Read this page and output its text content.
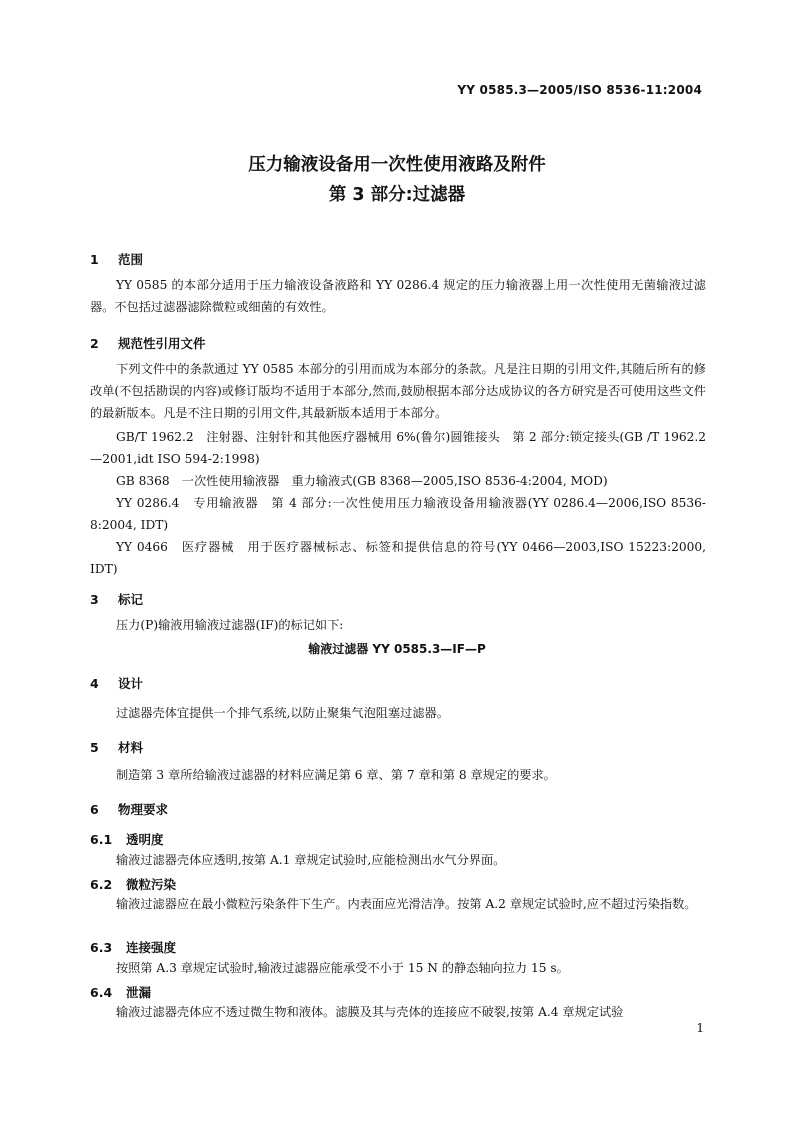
YY 0585.3—2005/ISO 8536-11:2004
压力输液设备用一次性使用液路及附件
第 3 部分:过滤器
1 范围
YY 0585 的本部分适用于压力输液设备液路和 YY 0286.4 规定的压力输液器上用一次性使用无菌输液过滤器。不包括过滤器滤除微粒或细菌的有效性。
2 规范性引用文件
下列文件中的条款通过 YY 0585 本部分的引用而成为本部分的条款。凡是注日期的引用文件,其随后所有的修改单(不包括勘误的内容)或修订版均不适用于本部分,然而,鼓励根据本部分达成协议的各方研究是否可使用这些文件的最新版本。凡是不注日期的引用文件,其最新版本适用于本部分。
GB/T 1962.2　注射器、注射针和其他医疗器械用 6%(鲁尔)圆锥接头　第 2 部分:锁定接头(GB /T 1962.2—2001,idt ISO 594-2:1998)
GB 8368　一次性使用输液器　重力输液式(GB 8368—2005,ISO 8536-4:2004, MOD)
YY 0286.4　专用输液器　第 4 部分:一次性使用压力输液设备用输液器(YY 0286.4—2006,ISO 8536-8:2004, IDT)
YY 0466　医疗器械　用于医疗器械标志、标签和提供信息的符号(YY 0466—2003,ISO 15223:2000, IDT)
3 标记
压力(P)输液用输液过滤器(IF)的标记如下:
输液过滤器 YY 0585.3—IF—P
4 设计
过滤器壳体宜提供一个排气系统,以防止聚集气泡阻塞过滤器。
5 材料
制造第 3 章所给输液过滤器的材料应满足第 6 章、第 7 章和第 8 章规定的要求。
6 物理要求
6.1 透明度
输液过滤器壳体应透明,按第 A.1 章规定试验时,应能检测出水气分界面。
6.2 微粒污染
输液过滤器应在最小微粒污染条件下生产。内表面应光滑洁净。按第 A.2 章规定试验时,应不超过污染指数。
6.3 连接强度
按照第 A.3 章规定试验时,输液过滤器应能承受不小于 15 N 的静态轴向拉力 15 s。
6.4 泄漏
输液过滤器壳体应不透过微生物和液体。滤膜及其与壳体的连接应不破裂,按第 A.4 章规定试验
1
